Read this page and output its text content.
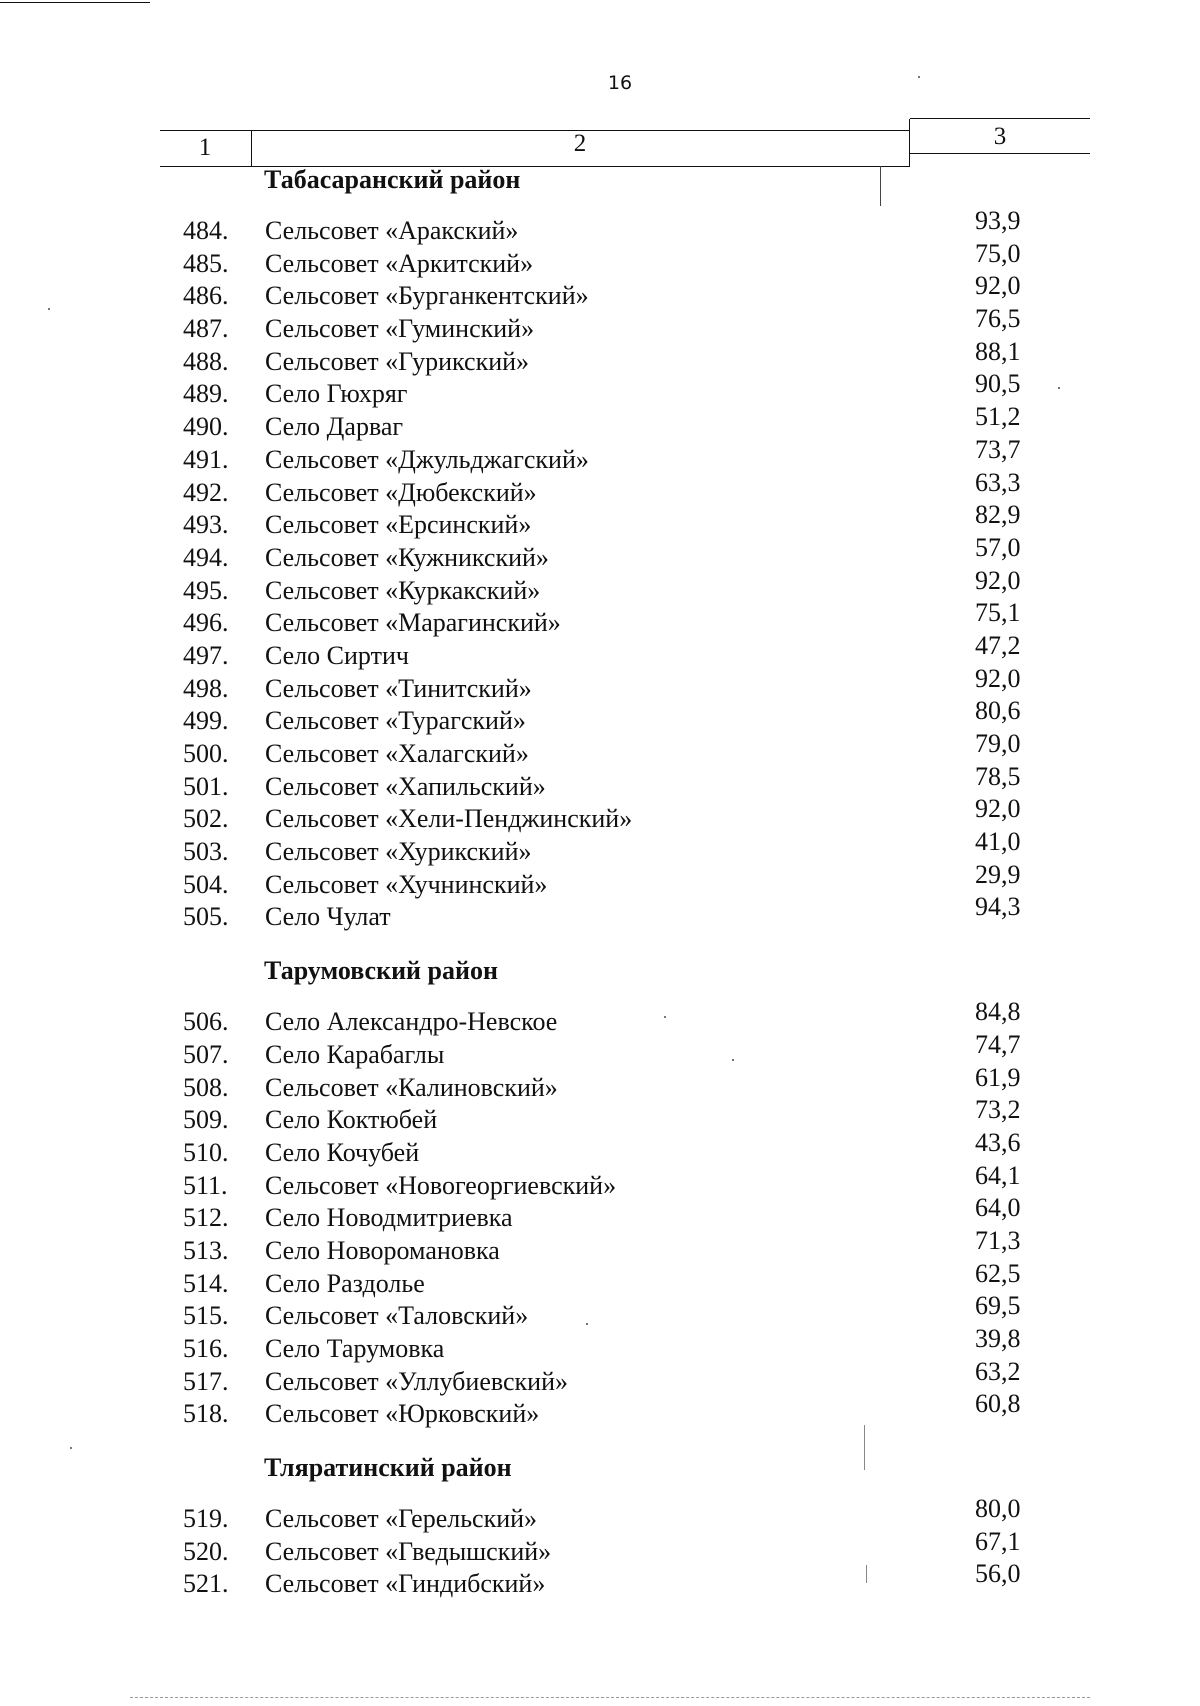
16
1	2	3
Табасаранский район
484. Сельсовет «Аракский»	93,9
485. Сельсовет «Аркитский»	75,0
486. Сельсовет «Бурганкентский»	92,0
487. Сельсовет «Гуминский»	76,5
488. Сельсовет «Гурикский»	88,1
489. Село Гюхряг	90,5
490. Село Дарваг	51,2
491. Сельсовет «Джульджагский»	73,7
492. Сельсовет «Дюбекский»	63,3
493. Сельсовет «Ерсинский»	82,9
494. Сельсовет «Кужникский»	57,0
495. Сельсовет «Куркакский»	92,0
496. Сельсовет «Марагинский»	75,1
497. Село Сиртич	47,2
498. Сельсовет «Тинитский»	92,0
499. Сельсовет «Турагский»	80,6
500. Сельсовет «Халагский»	79,0
501. Сельсовет «Хапильский»	78,5
502. Сельсовет «Хели-Пенджинский»	92,0
503. Сельсовет «Хурикский»	41,0
504. Сельсовет «Хучнинский»	29,9
505. Село Чулат	94,3
Тарумовский район
506. Село Александро-Невское	84,8
507. Село Карабаглы	74,7
508. Сельсовет «Калиновский»	61,9
509. Село Коктюбей	73,2
510. Село Кочубей	43,6
511. Сельсовет «Новогеоргиевский»	64,1
512. Село Новодмитриевка	64,0
513. Село Новоромановка	71,3
514. Село Раздолье	62,5
515. Сельсовет «Таловский»	69,5
516. Село Тарумовка	39,8
517. Сельсовет «Уллубиевский»	63,2
518. Сельсовет «Юрковский»	60,8
Тляратинский район
519. Сельсовет «Герельский»	80,0
520. Сельсовет «Гведышский»	67,1
521. Сельсовет «Гиндибский»	56,0
